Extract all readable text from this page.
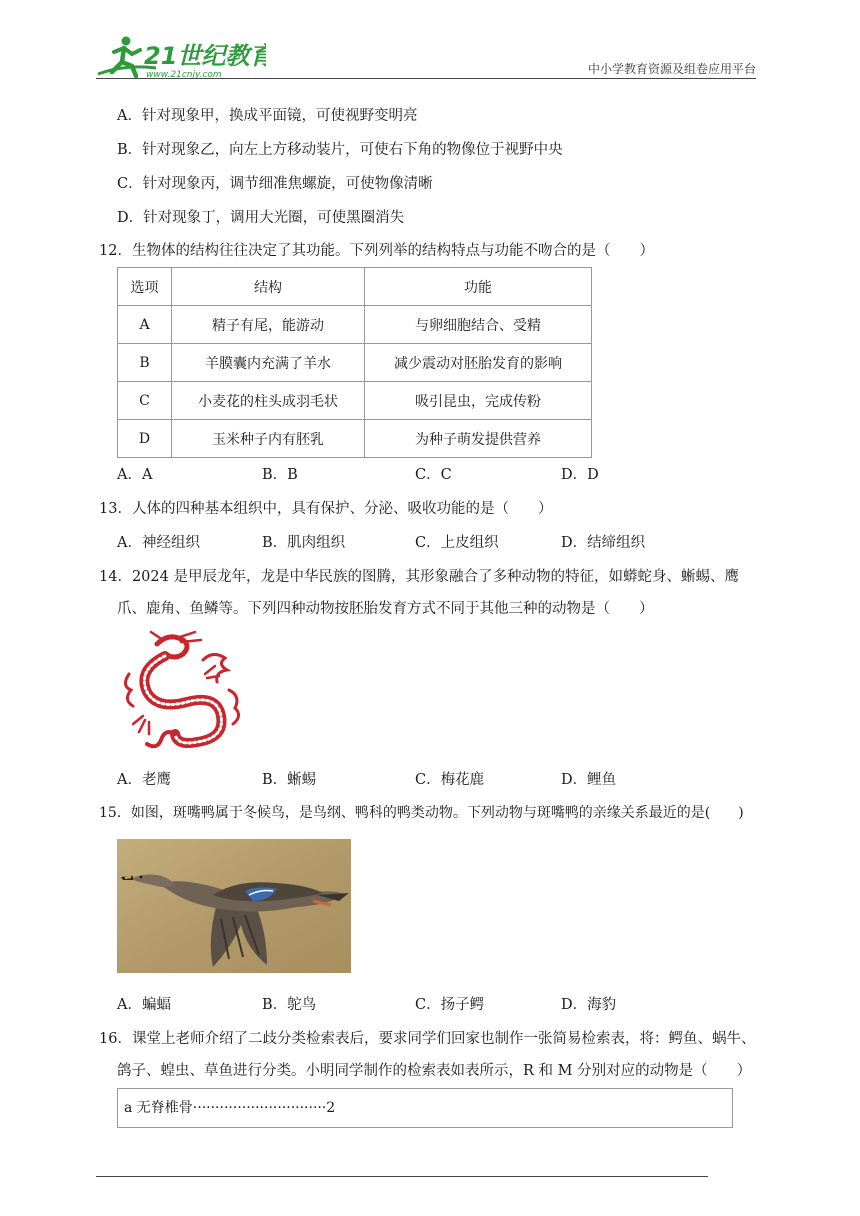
21世纪教育
www.21cnjy.com	中小学教育资源及组卷应用平台
A．针对现象甲，换成平面镜，可使视野变明亮
B．针对现象乙，向左上方移动装片，可使右下角的物像位于视野中央
C．针对现象丙，调节细准焦螺旋，可使物像清晰
D．针对现象丁，调用大光圈，可使黑圈消失
12．生物体的结构往往决定了其功能。下列列举的结构特点与功能不吻合的是（　　）
选项	结构	功能
A	精子有尾，能游动	与卵细胞结合、受精
B	羊膜囊内充满了羊水	减少震动对胚胎发育的影响
C	小麦花的柱头成羽毛状	吸引昆虫，完成传粉
D	玉米种子内有胚乳	为种子萌发提供营养
A．A	B．B	C．C	D．D
13．人体的四种基本组织中，具有保护、分泌、吸收功能的是（　　）
A．神经组织	B．肌肉组织	C．上皮组织	D．结缔组织
14．2024 是甲辰龙年，龙是中华民族的图腾，其形象融合了多种动物的特征，如蟒蛇身、蜥蜴、鹰
爪、鹿角、鱼鳞等。下列四种动物按胚胎发育方式不同于其他三种的动物是（　　）
A．老鹰	B．蜥蜴	C．梅花鹿	D．鲤鱼
15．如图，斑嘴鸭属于冬候鸟，是鸟纲、鸭科的鸭类动物。下列动物与斑嘴鸭的亲缘关系最近的是(　　)
A．蝙蝠	B．鸵鸟	C．扬子鳄	D．海豹
16．课堂上老师介绍了二歧分类检索表后，要求同学们回家也制作一张简易检索表，将：鳄鱼、蜗牛、
鸽子、蝗虫、草鱼进行分类。小明同学制作的检索表如表所示，R 和 M 分别对应的动物是（　　）
a 无脊椎骨······························2
